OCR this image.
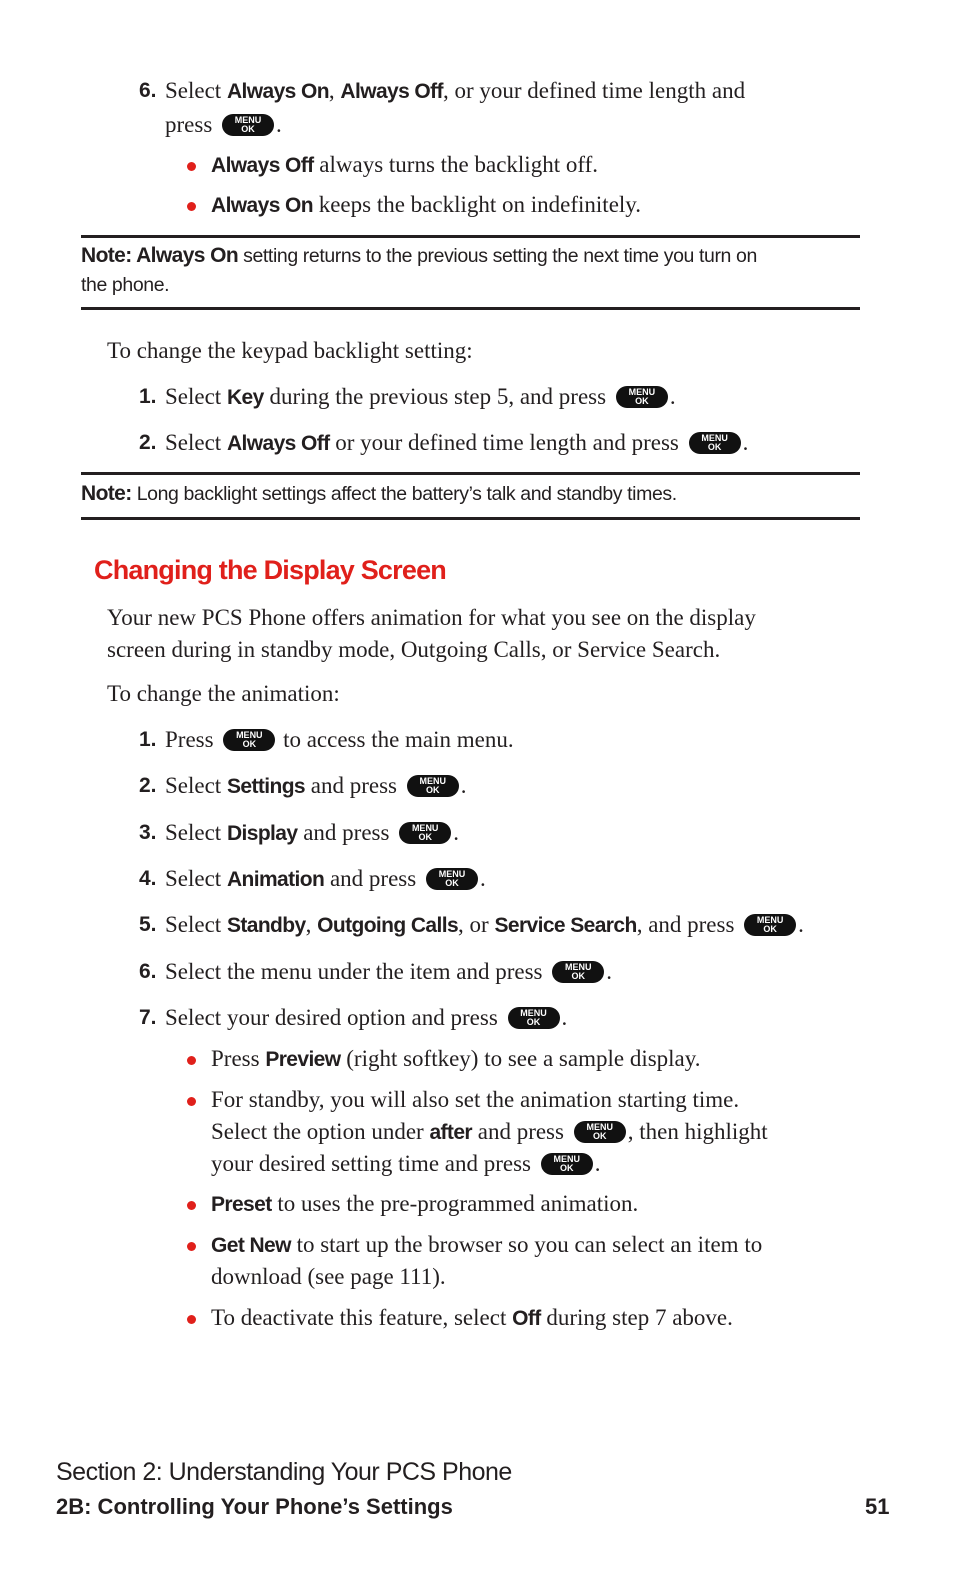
6. Select Always On, Always Off, or your defined time length and
press	MENU
OK .
Always Off always turns the backlight off.
Always On keeps the backlight on indefinitely.
Note: Always On setting returns to the previous setting the next time you turn on
the phone.
To change the keypad backlight setting:
1. Select Key during the previous step 5, and press	MENU
OK .
2. Select Always Off or your defined time length and press	MENU
OK .
Note: Long backlight settings affect the battery’s talk and standby times.
Changing the Display Screen
Your new PCS Phone offers animation for what you see on the display
screen during in standby mode, Outgoing Calls, or Service Search.
To change the animation:
1. Press	MENU
OK to access the main menu.
2. Select Settings and press	MENU
OK .
3. Select Display and press	MENU
OK .
4. Select Animation and press	MENU
OK .
5. Select Standby, Outgoing Calls, or Service Search, and press	MENU
OK .
6. Select the menu under the item and press	MENU
OK .
7. Select your desired option and press	MENU
OK .
Press Preview (right softkey) to see a sample display.
For standby, you will also set the animation starting time.
Select the option under after and press	MENU
OK , then highlight
your desired setting time and press	MENU
OK .
Preset to uses the pre-programmed animation.
Get New to start up the browser so you can select an item to
download (see page 111).
To deactivate this feature, select Off during step 7 above.
Section 2: Understanding Your PCS Phone
2B: Controlling Your Phone’s Settings	51
